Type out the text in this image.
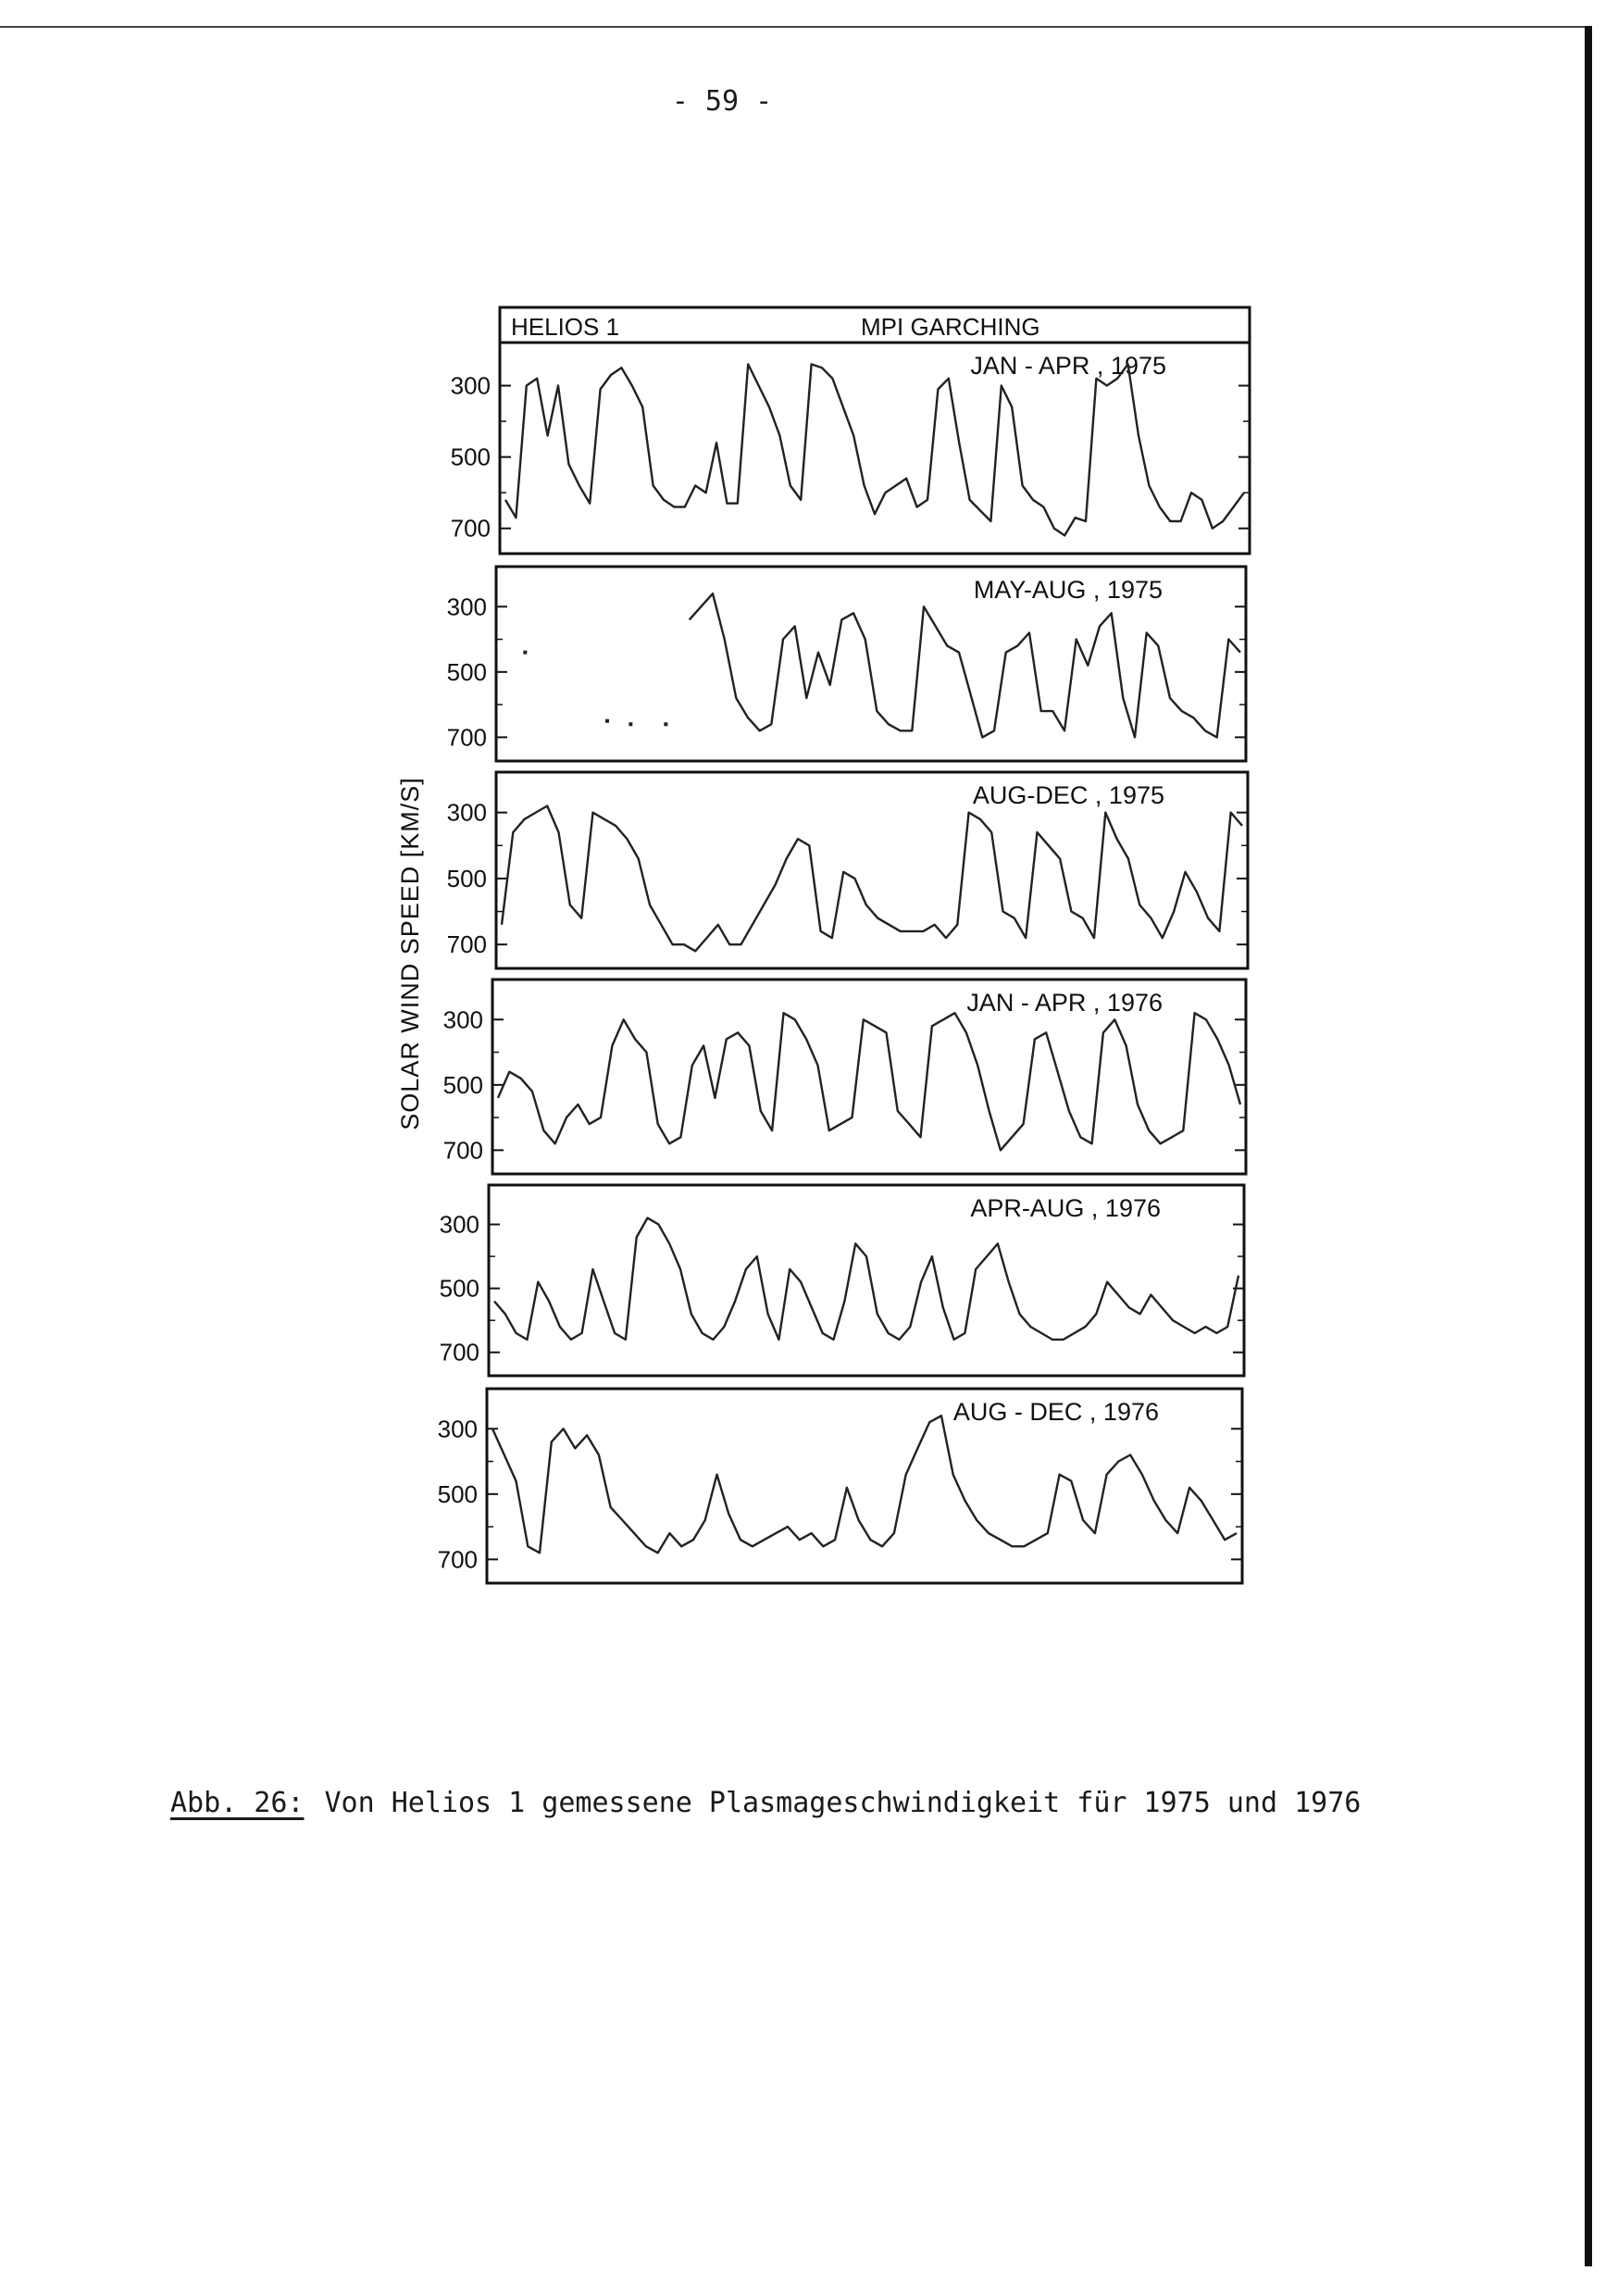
- 59 -
HELIOS 1	MPI GARCHING
SOLAR WIND SPEED [KM/S]
700
500
300
JAN - APR , 1975
700
500
300
MAY-AUG , 1975
700
500
300
AUG-DEC , 1975
700
500
300
JAN - APR , 1976
700
500
300
APR-AUG , 1976
700
500
300
AUG - DEC , 1976
Abb. 26: Von Helios 1 gemessene Plasmageschwindigkeit für 1975 und 1976
